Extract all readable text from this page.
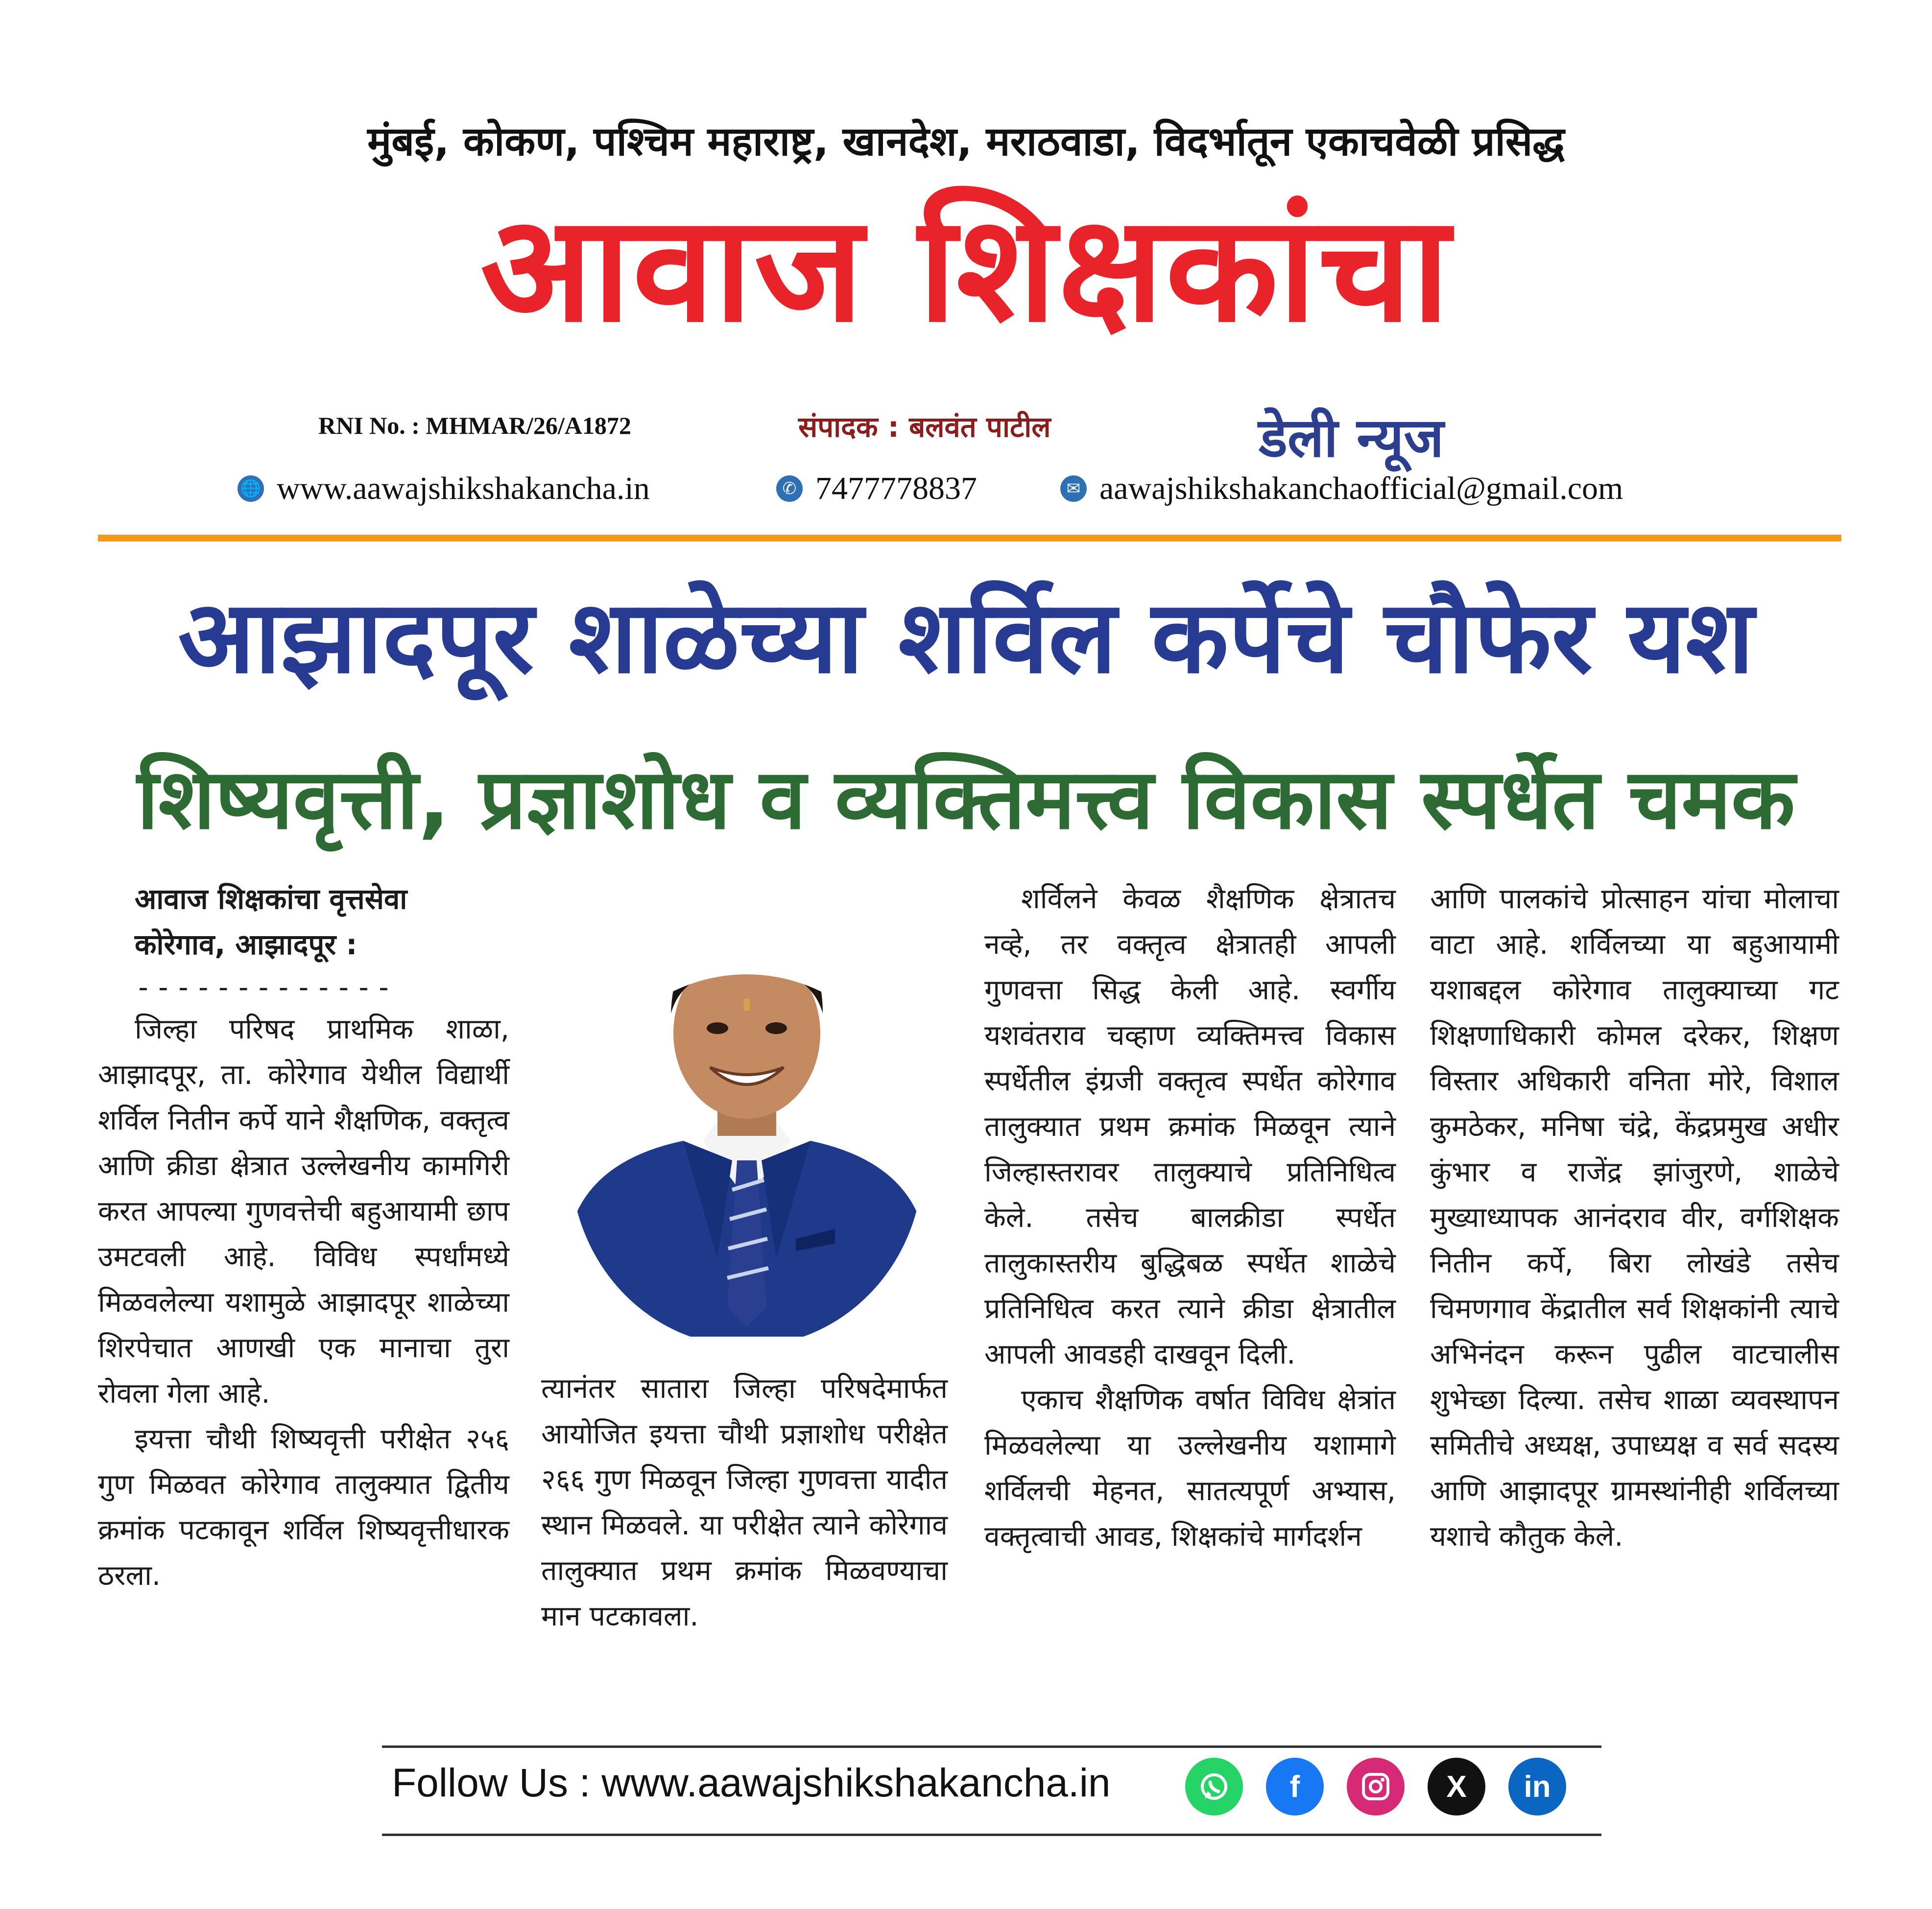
मुंबई, कोकण, पश्चिम महाराष्ट्र, खानदेश, मराठवाडा, विदर्भातून एकाचवेळी प्रसिद्ध
आवाज शिक्षकांचा
RNI No. : MHMAR/26/A1872	संपादक : बलवंत पाटील	डेली न्यूज
🌐 www.aawajshikshakancha.in	✆ 7477778837	✉ aawajshikshakanchaofficial@gmail.com
आझादपूर शाळेच्या शर्विल कर्पेचे चौफेर यश
शिष्यवृत्ती, प्रज्ञाशोध व व्यक्तिमत्त्व विकास स्पर्धेत चमक
आवाज शिक्षकांचा वृत्तसेवा
कोरेगाव, आझादपूर :
-------------

जिल्हा परिषद प्राथमिक शाळा, आझादपूर, ता. कोरेगाव येथील विद्यार्थी शर्विल नितीन कर्पे याने शैक्षणिक, वक्तृत्व आणि क्रीडा क्षेत्रात उल्लेखनीय कामगिरी करत आपल्या गुणवत्तेची बहुआयामी छाप उमटवली आहे. विविध स्पर्धांमध्ये मिळवलेल्या यशामुळे आझादपूर शाळेच्या शिरपेचात आणखी एक मानाचा तुरा रोवला गेला आहे.

इयत्ता चौथी शिष्यवृत्ती परीक्षेत २५६ गुण मिळवत कोरेगाव तालुक्यात द्वितीय क्रमांक पटकावून शर्विल शिष्यवृत्तीधारक ठरला.

त्यानंतर सातारा जिल्हा परिषदेमार्फत आयोजित इयत्ता चौथी प्रज्ञाशोध परीक्षेत २६६ गुण मिळवून जिल्हा गुणवत्ता यादीत स्थान मिळवले. या परीक्षेत त्याने कोरेगाव तालुक्यात प्रथम क्रमांक मिळवण्याचा मान पटकावला.

शर्विलने केवळ शैक्षणिक क्षेत्रातच नव्हे, तर वक्तृत्व क्षेत्रातही आपली गुणवत्ता सिद्ध केली आहे. स्वर्गीय यशवंतराव चव्हाण व्यक्तिमत्त्व विकास स्पर्धेतील इंग्रजी वक्तृत्व स्पर्धेत कोरेगाव तालुक्यात प्रथम क्रमांक मिळवून त्याने जिल्हास्तरावर तालुक्याचे प्रतिनिधित्व केले. तसेच बालक्रीडा स्पर्धेत तालुकास्तरीय बुद्धिबळ स्पर्धेत शाळेचे प्रतिनिधित्व करत त्याने क्रीडा क्षेत्रातील आपली आवडही दाखवून दिली.

एकाच शैक्षणिक वर्षात विविध क्षेत्रांत मिळवलेल्या या उल्लेखनीय यशामागे शर्विलची मेहनत, सातत्यपूर्ण अभ्यास, वक्तृत्वाची आवड, शिक्षकांचे मार्गदर्शन

आणि पालकांचे प्रोत्साहन यांचा मोलाचा वाटा आहे. शर्विलच्या या बहुआयामी यशाबद्दल कोरेगाव तालुक्याच्या गट शिक्षणाधिकारी कोमल दरेकर, शिक्षण विस्तार अधिकारी वनिता मोरे, विशाल कुमठेकर, मनिषा चंद्रे, केंद्रप्रमुख अधीर कुंभार व राजेंद्र झांजुरणे, शाळेचे मुख्याध्यापक आनंदराव वीर, वर्गशिक्षक नितीन कर्पे, बिरा लोखंडे तसेच चिमणगाव केंद्रातील सर्व शिक्षकांनी त्याचे अभिनंदन करून पुढील वाटचालीस शुभेच्छा दिल्या. तसेच शाळा व्यवस्थापन समितीचे अध्यक्ष, उपाध्यक्ष व सर्व सदस्य आणि आझादपूर ग्रामस्थांनीही शर्विलच्या यशाचे कौतुक केले.

Follow Us : www.aawajshikshakancha.in	f	X	in
